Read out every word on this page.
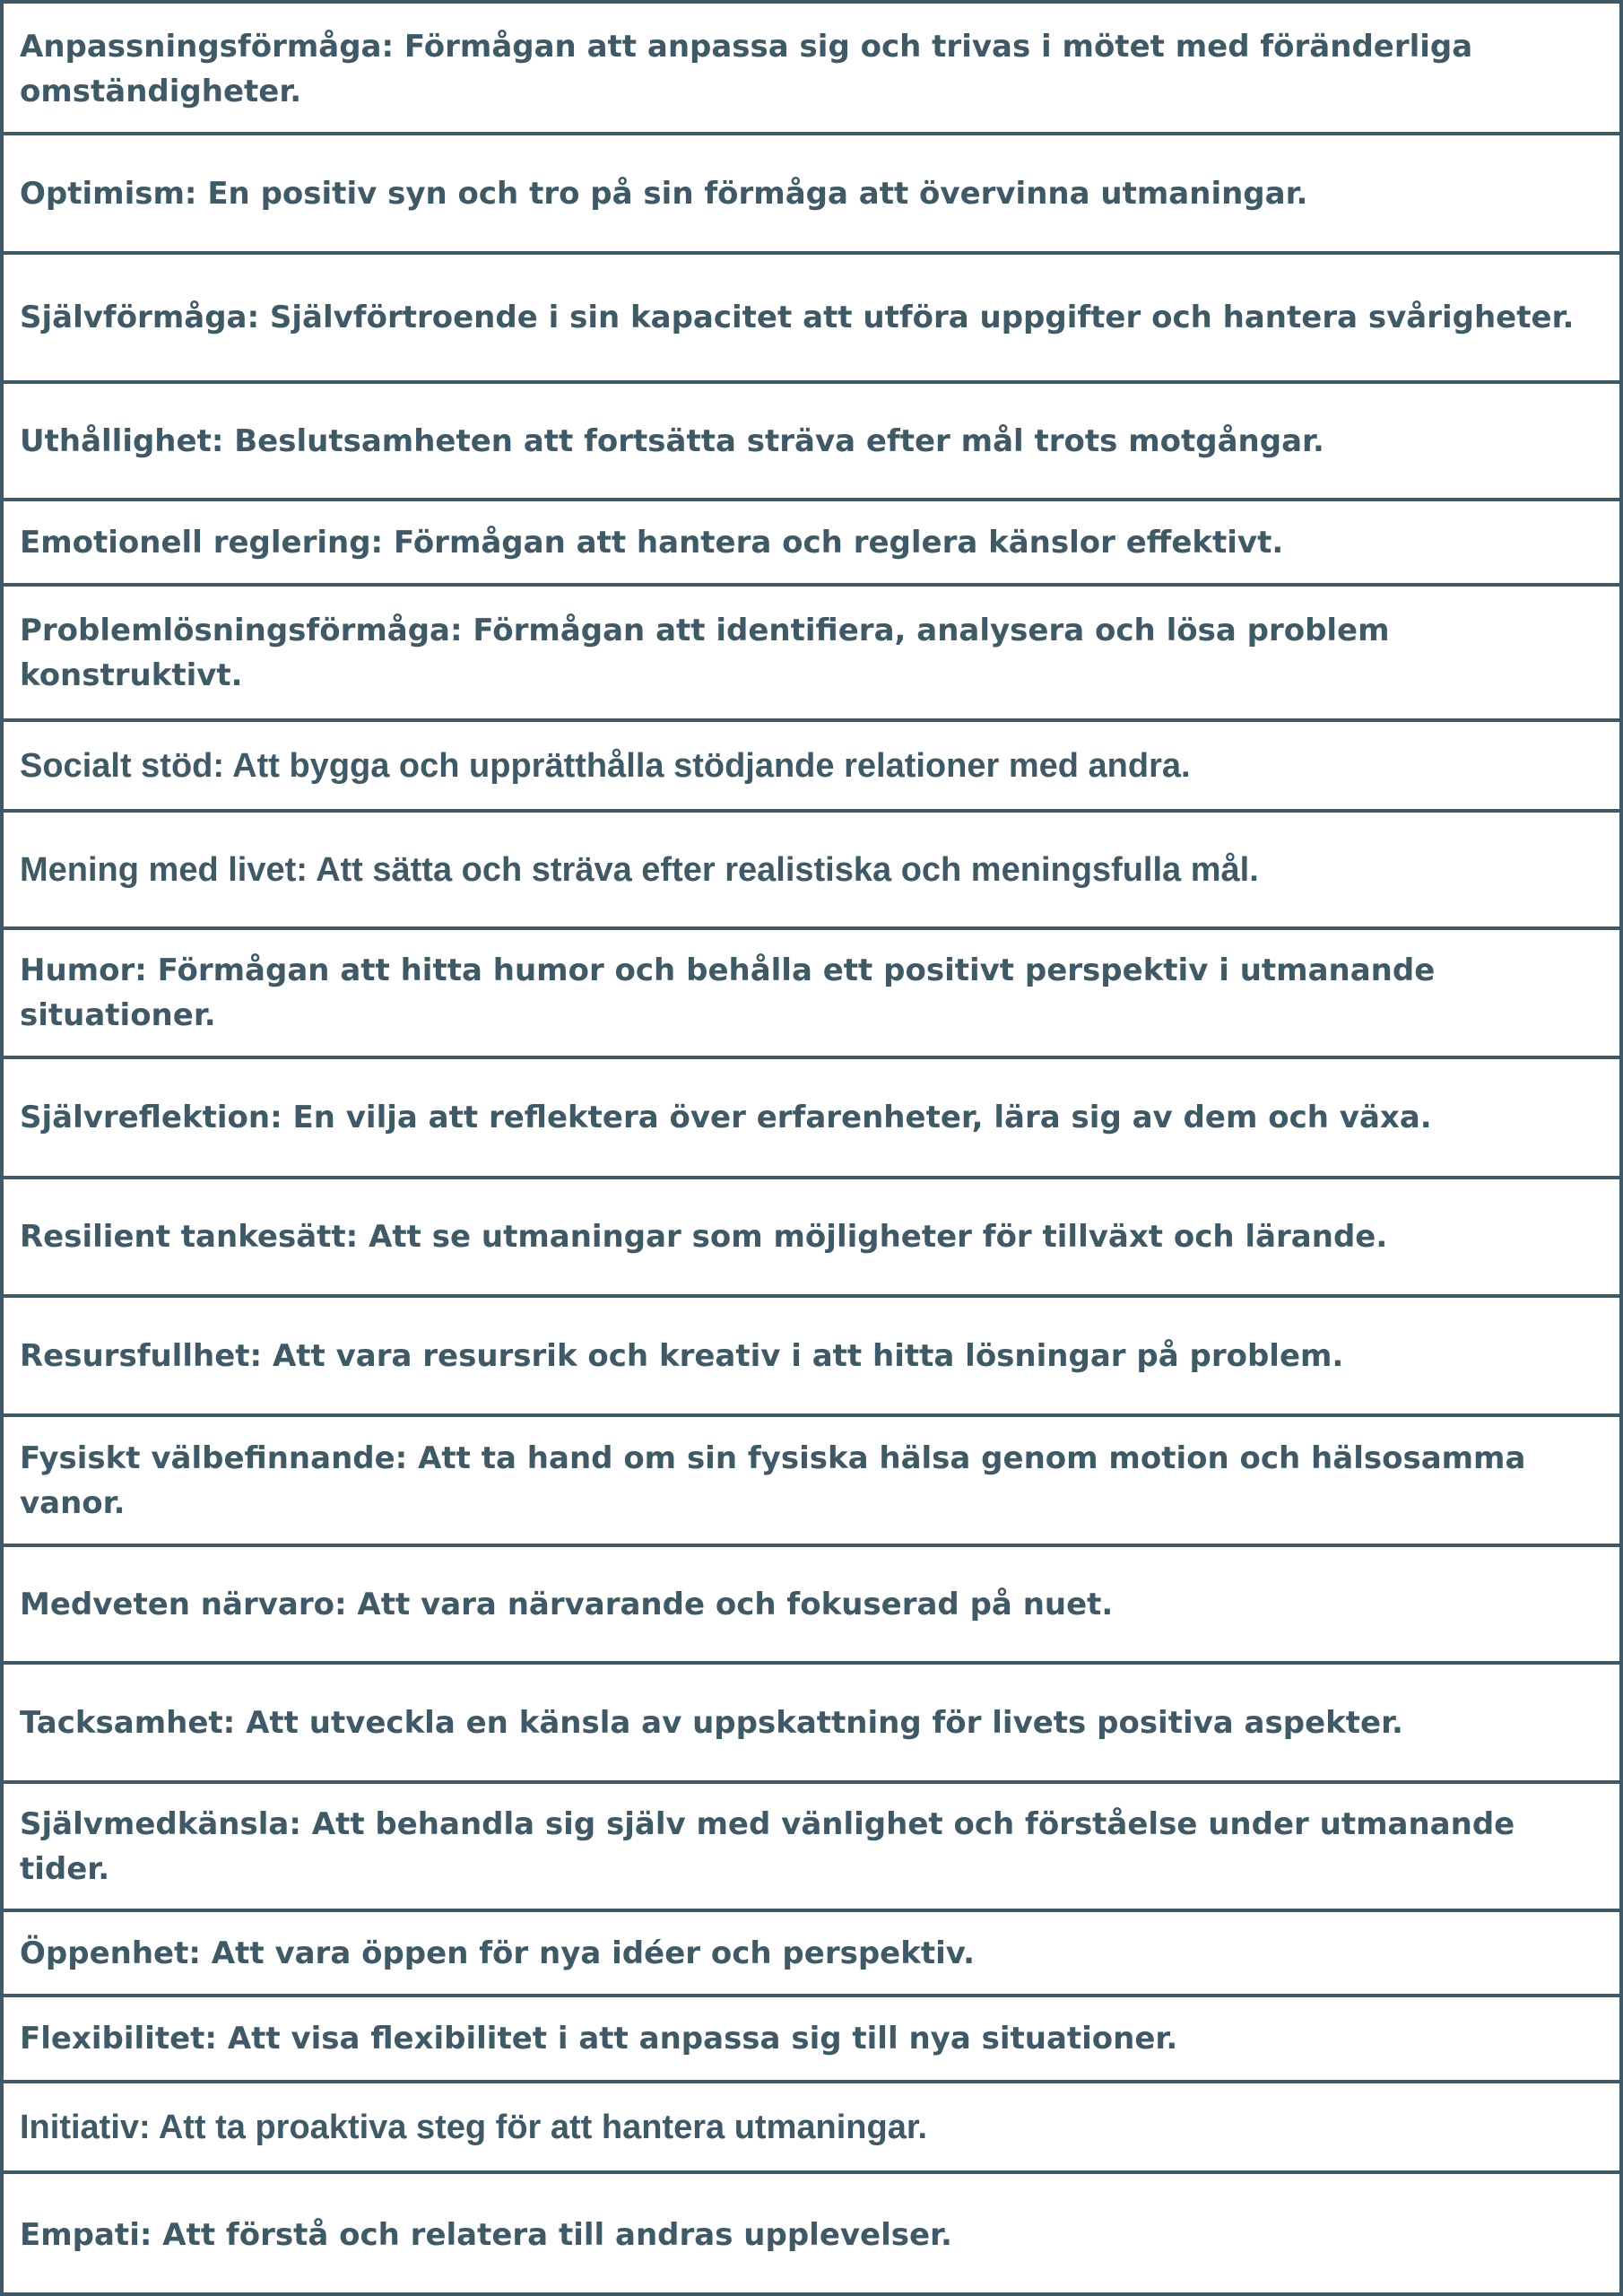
Anpassningsförmåga: Förmågan att anpassa sig och trivas i mötet med föränderliga omständigheter.
Optimism: En positiv syn och tro på sin förmåga att övervinna utmaningar.
Självförmåga: Självförtroende i sin kapacitet att utföra uppgifter och hantera svårigheter.
Uthållighet: Beslutsamheten att fortsätta sträva efter mål trots motgångar.
Emotionell reglering: Förmågan att hantera och reglera känslor effektivt.
Problemlösningsförmåga: Förmågan att identifiera, analysera och lösa problem konstruktivt.
Socialt stöd: Att bygga och upprätthålla stödjande relationer med andra.
Mening med livet: Att sätta och sträva efter realistiska och meningsfulla mål.
Humor: Förmågan att hitta humor och behålla ett positivt perspektiv i utmanande situationer.
Självreflektion: En vilja att reflektera över erfarenheter, lära sig av dem och växa.
Resilient tankesätt: Att se utmaningar som möjligheter för tillväxt och lärande.
Resursfullhet: Att vara resursrik och kreativ i att hitta lösningar på problem.
Fysiskt välbefinnande: Att ta hand om sin fysiska hälsa genom motion och hälsosamma vanor.
Medveten närvaro: Att vara närvarande och fokuserad på nuet.
Tacksamhet: Att utveckla en känsla av uppskattning för livets positiva aspekter.
Självmedkänsla: Att behandla sig själv med vänlighet och förståelse under utmanande tider.
Öppenhet: Att vara öppen för nya idéer och perspektiv.
Flexibilitet: Att visa flexibilitet i att anpassa sig till nya situationer.
Initiativ: Att ta proaktiva steg för att hantera utmaningar.
Empati: Att förstå och relatera till andras upplevelser.
